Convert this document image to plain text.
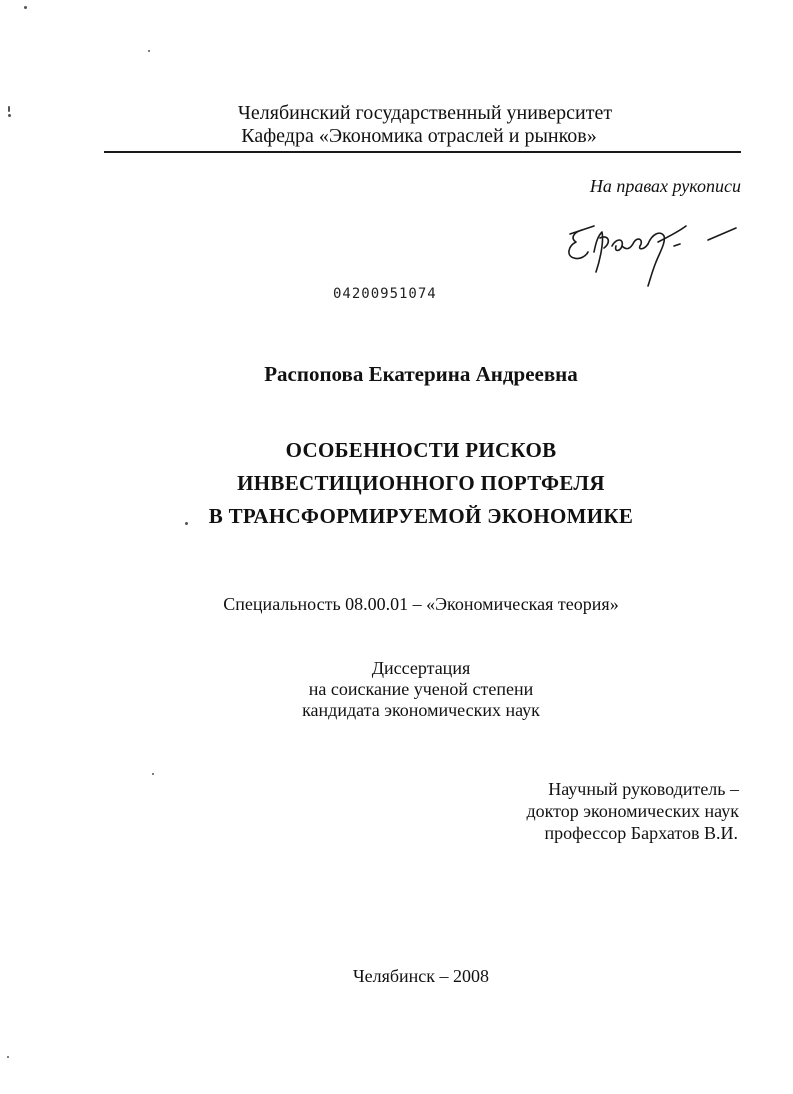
Челябинский государственный университет
Кафедра «Экономика отраслей и рынков»
На правах рукописи
04200951074
Распопова Екатерина Андреевна
ОСОБЕННОСТИ РИСКОВ
ИНВЕСТИЦИОННОГО ПОРТФЕЛЯ
В ТРАНСФОРМИРУЕМОЙ ЭКОНОМИКЕ
Специальность 08.00.01 – «Экономическая теория»
Диссертация
на соискание ученой степени
кандидата экономических наук
Научный руководитель –
доктор экономических наук
профессор Бархатов В.И.
Челябинск – 2008
